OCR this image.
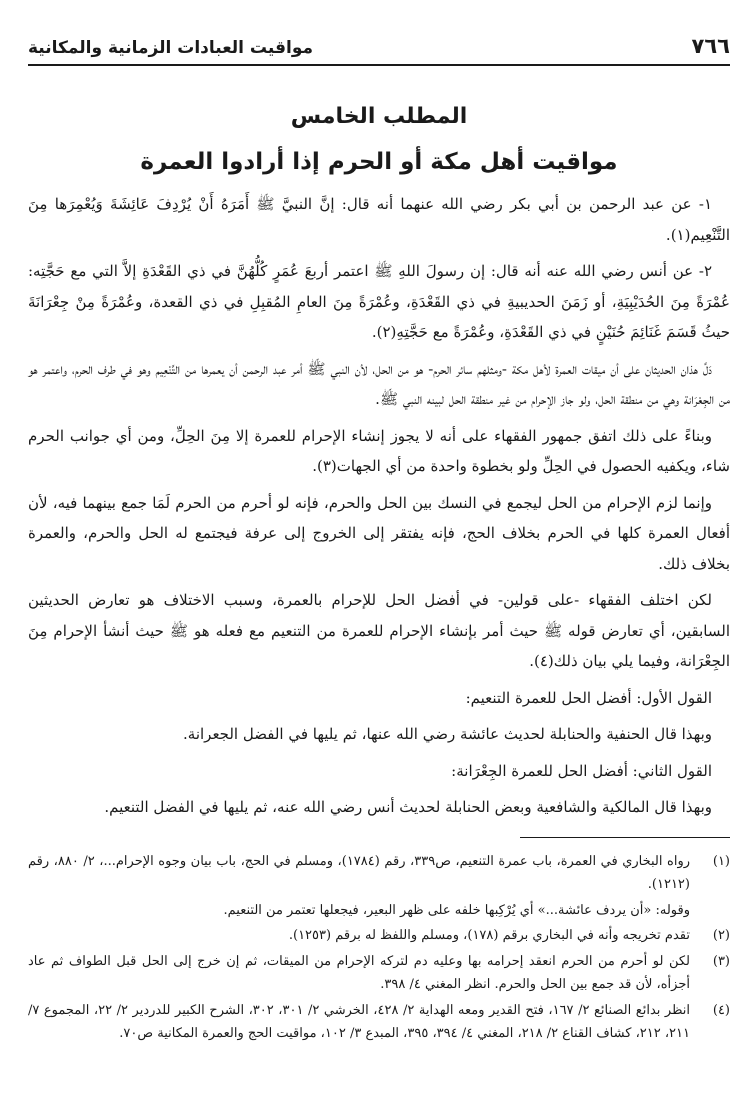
٧٦٦
مواقيت العبادات الزمانية والمكانية
المطلب الخامس
مواقيت أهل مكة أو الحرم إذا أرادوا العمرة

١- عن عبد الرحمن بن أبي بكر رضي الله عنهما أنه قال: إنَّ النبيَّ ﷺ أَمَرَهُ أَنْ يُرْدِفَ عَائِشَةَ وَيُعْمِرَها مِنَ التَّنْعِيم(١).

٢- عن أنس رضي الله عنه أنه قال: إن رسولَ اللهِ ﷺ اعتمر أربعَ عُمَرٍ كُلُّهُنَّ في ذي القَعْدَةِ إلاَّ التي مع حَجَّتِه: عُمْرَةً مِنَ الحُدَيْبِيَةِ، أو زَمَنَ الحديبيةِ في ذي القَعْدَةِ، وعُمْرَةً مِنَ العامِ المُقبِلِ في ذي القعدة، وعُمْرَةً مِنْ جِعْرَانَةَ حيثُ قَسَمَ غَنَائِمَ حُنَيْنٍ في ذي القَعْدَةِ، وعُمْرَةً مع حَجَّتِهِ(٢).

دَلَّ هذان الحديثان على أن ميقات العمرة لأهل مكة -ومثلهم سائر الحرم- هو من الحل، لأن النبي ﷺ أمر عبد الرحمن أن يعمرها من التَّنْعِيم وهو في طرف الحرم، واعتمر هو من الجِعْرَانة وهي من منطقة الحل، ولو جاز الإحرام من غير منطقة الحل لبينه النبي ﷺ.

وبناءً على ذلك اتفق جمهور الفقهاء على أنه لا يجوز إنشاء الإحرام للعمرة إلا مِنَ الحِلِّ، ومن أي جوانب الحرم شاء، ويكفيه الحصول في الحِلِّ ولو بخطوة واحدة من أي الجهات(٣).

وإنما لزم الإحرام من الحل ليجمع في النسك بين الحل والحرم، فإنه لو أحرم من الحرم لَمَا جمع بينهما فيه، لأن أفعال العمرة كلها في الحرم بخلاف الحج، فإنه يفتقر إلى الخروج إلى عرفة فيجتمع له الحل والحرم، والعمرة بخلاف ذلك.

لكن اختلف الفقهاء -على قولين- في أفضل الحل للإحرام بالعمرة، وسبب الاختلاف هو تعارض الحديثين السابقين، أي تعارض قوله ﷺ حيث أمر بإنشاء الإحرام للعمرة من التنعيم مع فعله هو ﷺ حيث أنشأ الإحرام مِنَ الجِعْرَانة، وفيما يلي بيان ذلك(٤).

القول الأول: أفضل الحل للعمرة التنعيم:

وبهذا قال الحنفية والحنابلة لحديث عائشة رضي الله عنها، ثم يليها في الفضل الجعرانة.

القول الثاني: أفضل الحل للعمرة الجِعْرَانة:

وبهذا قال المالكية والشافعية وبعض الحنابلة لحديث أنس رضي الله عنه، ثم يليها في الفضل التنعيم.

(١)
رواه البخاري في العمرة، باب عمرة التنعيم، ص٣٣٩، رقم (١٧٨٤)، ومسلم في الحج، باب بيان وجوه الإحرام...، ٢/ ٨٨٠، رقم (١٢١٢).
وقوله: «أن يردف عائشة...» أي يُرْكِبها خلفه على ظهر البعير، فيجعلها تعتمر من التنعيم.
(٢)
تقدم تخريجه وأنه في البخاري برقم (١٧٨)، ومسلم واللفظ له برقم (١٢٥٣).
(٣)
لكن لو أحرم من الحرم انعقد إحرامه بها وعليه دم لتركه الإحرام من الميقات، ثم إن خرج إلى الحل قبل الطواف ثم عاد أجزأه، لأن قد جمع بين الحل والحرم. انظر المغني ٤/ ٣٩٨.
(٤)
انظر بدائع الصنائع ٢/ ١٦٧، فتح القدير ومعه الهداية ٢/ ٤٢٨، الخرشي ٢/ ٣٠١، ٣٠٢، الشرح الكبير للدردير ٢/ ٢٢، المجموع ٧/ ٢١١، ٢١٢، كشاف القناع ٢/ ٢١٨، المغني ٤/ ٣٩٤، ٣٩٥، المبدع ٣/ ١٠٢، مواقيت الحج والعمرة المكانية ص٧٠.
